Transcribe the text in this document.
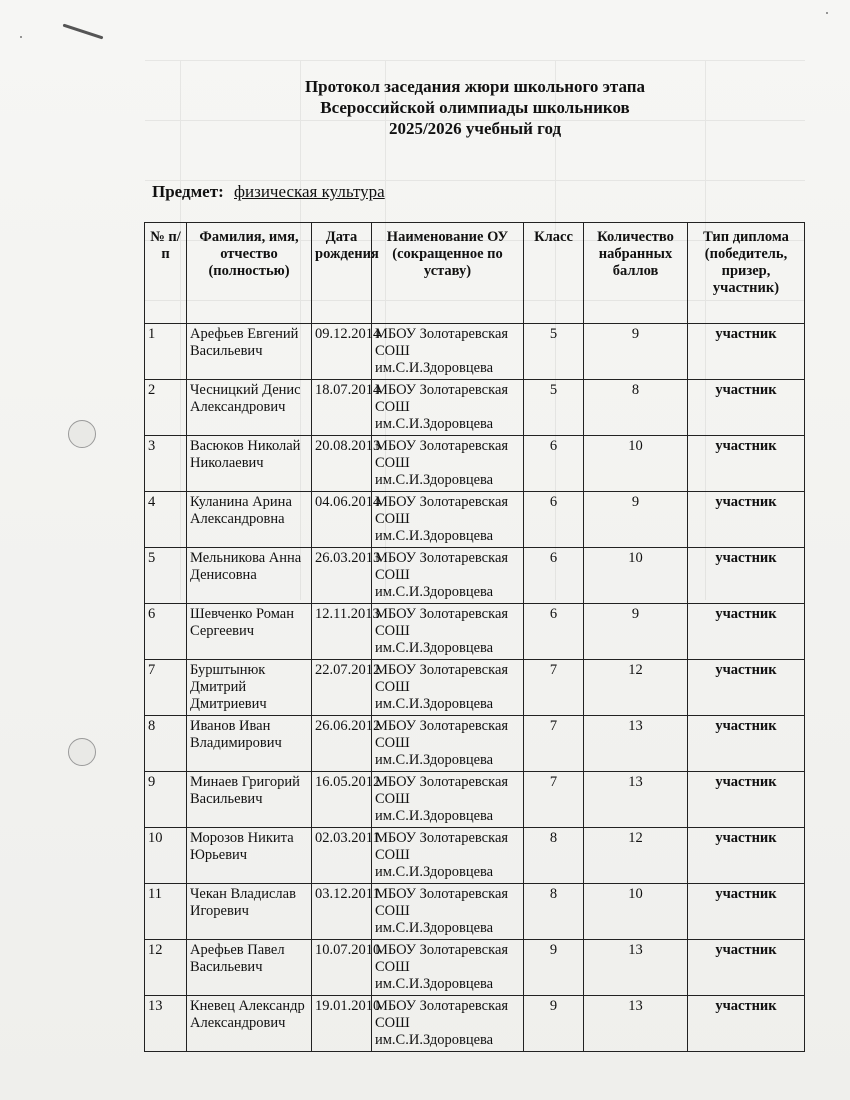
Протокол заседания жюри школьного этапа
Всероссийской олимпиады школьников
2025/2026 учебный год
Предмет: физическая культура
№ п/п	Фамилия, имя, отчество (полностью)	Дата рождения	Наименование ОУ (сокращенное по уставу)	Класс	Количество набранных баллов	Тип диплома (победитель, призер, участник)
1	Арефьев Евгений Васильевич	09.12.2014	МБОУ Золотаревская СОШ им.С.И.Здоровцева	5	9	участник
2	Чесницкий Денис Александрович	18.07.2014	МБОУ Золотаревская СОШ им.С.И.Здоровцева	5	8	участник
3	Васюков Николай Николаевич	20.08.2013	МБОУ Золотаревская СОШ им.С.И.Здоровцева	6	10	участник
4	Куланина Арина Александровна	04.06.2014	МБОУ Золотаревская СОШ им.С.И.Здоровцева	6	9	участник
5	Мельникова Анна Денисовна	26.03.2013	МБОУ Золотаревская СОШ им.С.И.Здоровцева	6	10	участник
6	Шевченко Роман Сергеевич	12.11.2013	МБОУ Золотаревская СОШ им.С.И.Здоровцева	6	9	участник
7	Бурштынюк Дмитрий Дмитриевич	22.07.2012	МБОУ Золотаревская СОШ им.С.И.Здоровцева	7	12	участник
8	Иванов Иван Владимирович	26.06.2012	МБОУ Золотаревская СОШ им.С.И.Здоровцева	7	13	участник
9	Минаев Григорий Васильевич	16.05.2012	МБОУ Золотаревская СОШ им.С.И.Здоровцева	7	13	участник
10	Морозов Никита Юрьевич	02.03.2011	МБОУ Золотаревская СОШ им.С.И.Здоровцева	8	12	участник
11	Чекан Владислав Игоревич	03.12.2011	МБОУ Золотаревская СОШ им.С.И.Здоровцева	8	10	участник
12	Арефьев Павел Васильевич	10.07.2010	МБОУ Золотаревская СОШ им.С.И.Здоровцева	9	13	участник
13	Кневец Александр Александрович	19.01.2010	МБОУ Золотаревская СОШ им.С.И.Здоровцева	9	13	участник
